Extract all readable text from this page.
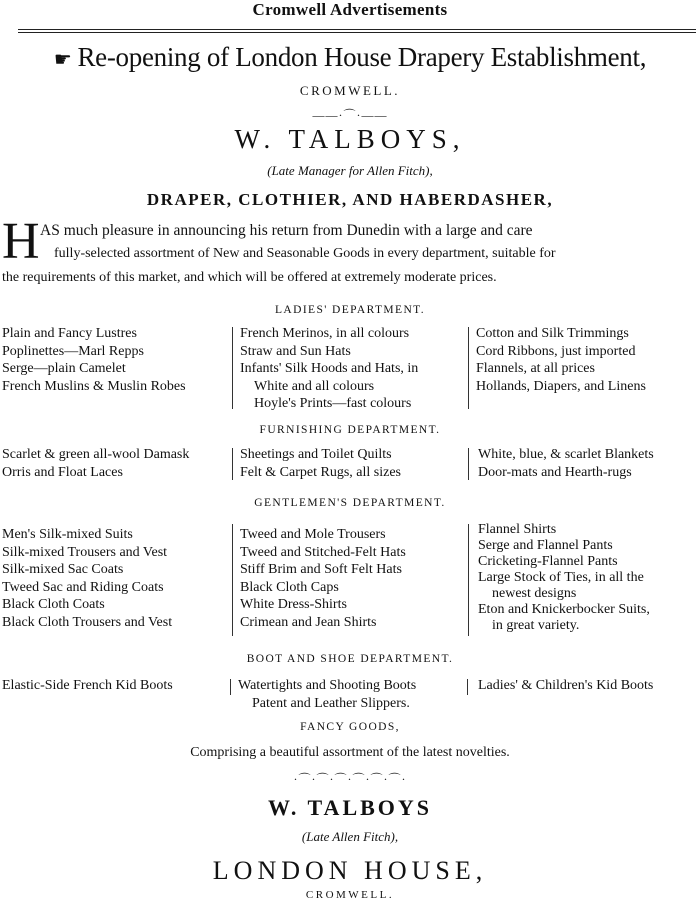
Cromwell Advertisements
☛ Re-opening of London House Drapery Establishment,
CROMWELL.
——·⌒·——
W. TALBOYS,
(Late Manager for Allen Fitch),
DRAPER, CLOTHIER, AND HABERDASHER,
H AS much pleasure in announcing his return from Dunedin with a large and care
fully-selected assortment of New and Seasonable Goods in every department, suitable for
the requirements of this market, and which will be offered at extremely moderate prices.
LADIES' DEPARTMENT.
Plain and Fancy Lustres
Poplinettes—Marl Repps
Serge—plain Camelet
French Muslins & Muslin Robes
French Merinos, in all colours
Straw and Sun Hats
Infants' Silk Hoods and Hats, in
White and all colours
Hoyle's Prints—fast colours
Cotton and Silk Trimmings
Cord Ribbons, just imported
Flannels, at all prices
Hollands, Diapers, and Linens
FURNISHING DEPARTMENT.
Scarlet & green all-wool Damask
Orris and Float Laces
Sheetings and Toilet Quilts
Felt & Carpet Rugs, all sizes
White, blue, & scarlet Blankets
Door-mats and Hearth-rugs
GENTLEMEN'S DEPARTMENT.
Men's Silk-mixed Suits
Silk-mixed Trousers and Vest
Silk-mixed Sac Coats
Tweed Sac and Riding Coats
Black Cloth Coats
Black Cloth Trousers and Vest
Tweed and Mole Trousers
Tweed and Stitched-Felt Hats
Stiff Brim and Soft Felt Hats
Black Cloth Caps
White Dress-Shirts
Crimean and Jean Shirts
Flannel Shirts
Serge and Flannel Pants
Cricketing-Flannel Pants
Large Stock of Ties, in all the
newest designs
Eton and Knickerbocker Suits,
in great variety.
BOOT AND SHOE DEPARTMENT.
Elastic-Side French Kid Boots	Watertights and Shooting Boots
Patent and Leather Slippers.
Ladies' & Children's Kid Boots
FANCY GOODS,
Comprising a beautiful assortment of the latest novelties.
·⌒·⌒·⌒·⌒·⌒·⌒·
W. TALBOYS
(Late Allen Fitch),
LONDON HOUSE,
CROMWELL.
